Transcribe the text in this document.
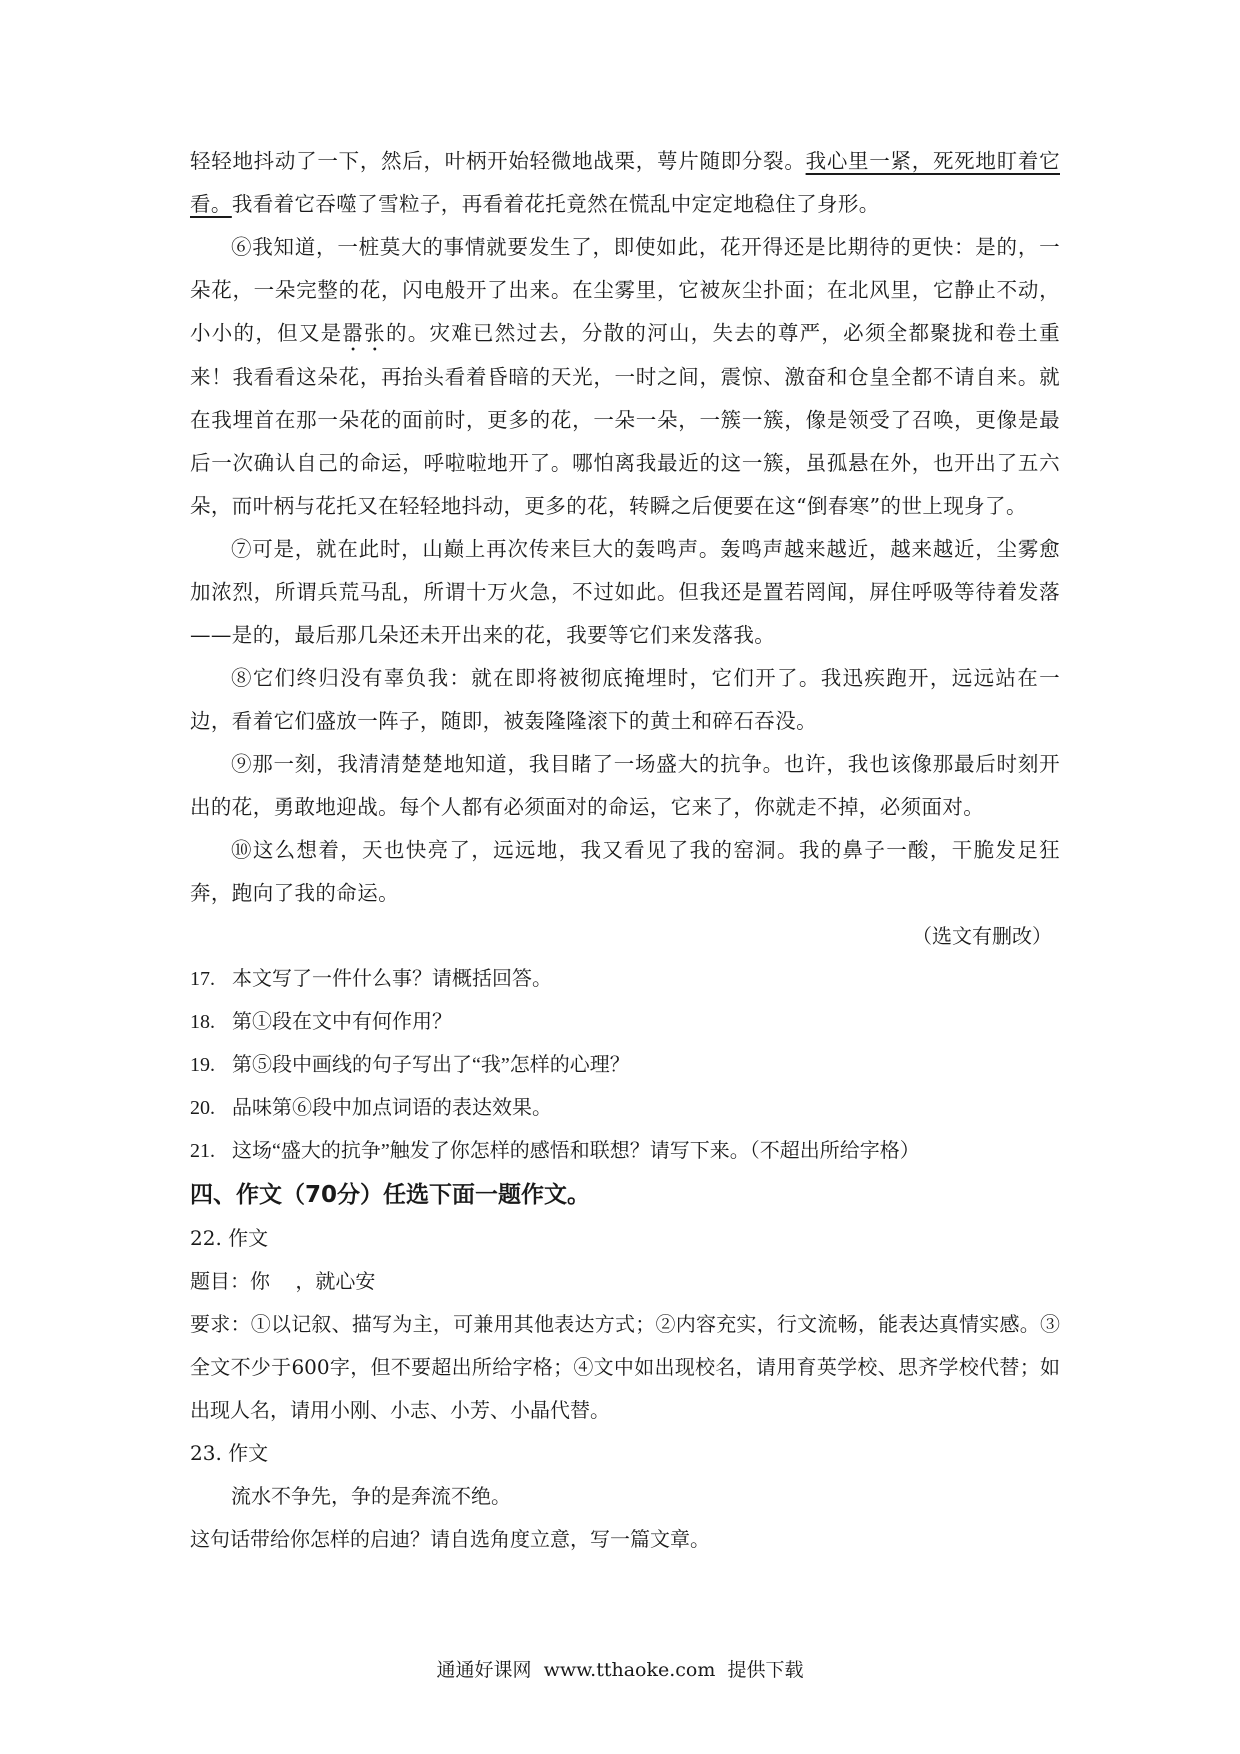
轻轻地抖动了一下，然后，叶柄开始轻微地战栗，萼片随即分裂。我心里一紧，死死地盯着它看。我看着它吞噬了雪粒子，再看着花托竟然在慌乱中定定地稳住了身形。

⑥我知道，一桩莫大的事情就要发生了，即使如此，花开得还是比期待的更快：是的，一朵花，一朵完整的花，闪电般开了出来。在尘雾里，它被灰尘扑面；在北风里，它静止不动，小小的，但又是嚣张的。灾难已然过去，分散的河山，失去的尊严，必须全都聚拢和卷土重来！我看看这朵花，再抬头看着昏暗的天光，一时之间，震惊、激奋和仓皇全都不请自来。就在我埋首在那一朵花的面前时，更多的花，一朵一朵，一簇一簇，像是领受了召唤，更像是最后一次确认自己的命运，呼啦啦地开了。哪怕离我最近的这一簇，虽孤悬在外，也开出了五六朵，而叶柄与花托又在轻轻地抖动，更多的花，转瞬之后便要在这“倒春寒”的世上现身了。

⑦可是，就在此时，山巅上再次传来巨大的轰鸣声。轰鸣声越来越近，越来越近，尘雾愈加浓烈，所谓兵荒马乱，所谓十万火急，不过如此。但我还是置若罔闻，屏住呼吸等待着发落——是的，最后那几朵还未开出来的花，我要等它们来发落我。

⑧它们终归没有辜负我：就在即将被彻底掩埋时，它们开了。我迅疾跑开，远远站在一边，看着它们盛放一阵子，随即，被轰隆隆滚下的黄土和碎石吞没。

⑨那一刻，我清清楚楚地知道，我目睹了一场盛大的抗争。也许，我也该像那最后时刻开出的花，勇敢地迎战。每个人都有必须面对的命运，它来了，你就走不掉，必须面对。

⑩这么想着，天也快亮了，远远地，我又看见了我的窑洞。我的鼻子一酸，干脆发足狂奔，跑向了我的命运。

（选文有删改）

17. 本文写了一件什么事？请概括回答。

18. 第①段在文中有何作用？

19. 第⑤段中画线的句子写出了“我”怎样的心理？

20. 品味第⑥段中加点词语的表达效果。

21. 这场“盛大的抗争”触发了你怎样的感悟和联想？请写下来。（不超出所给字格）

四、作文（70分）任选下面一题作文。

22. 作文

题目：你    ，就心安

要求：①以记叙、描写为主，可兼用其他表达方式；②内容充实，行文流畅，能表达真情实感。③全文不少于600字，但不要超出所给字格；④文中如出现校名，请用育英学校、思齐学校代替；如出现人名，请用小刚、小志、小芳、小晶代替。

23. 作文

流水不争先，争的是奔流不绝。

这句话带给你怎样的启迪？请自选角度立意，写一篇文章。

通通好课网  www.tthaoke.com  提供下载
